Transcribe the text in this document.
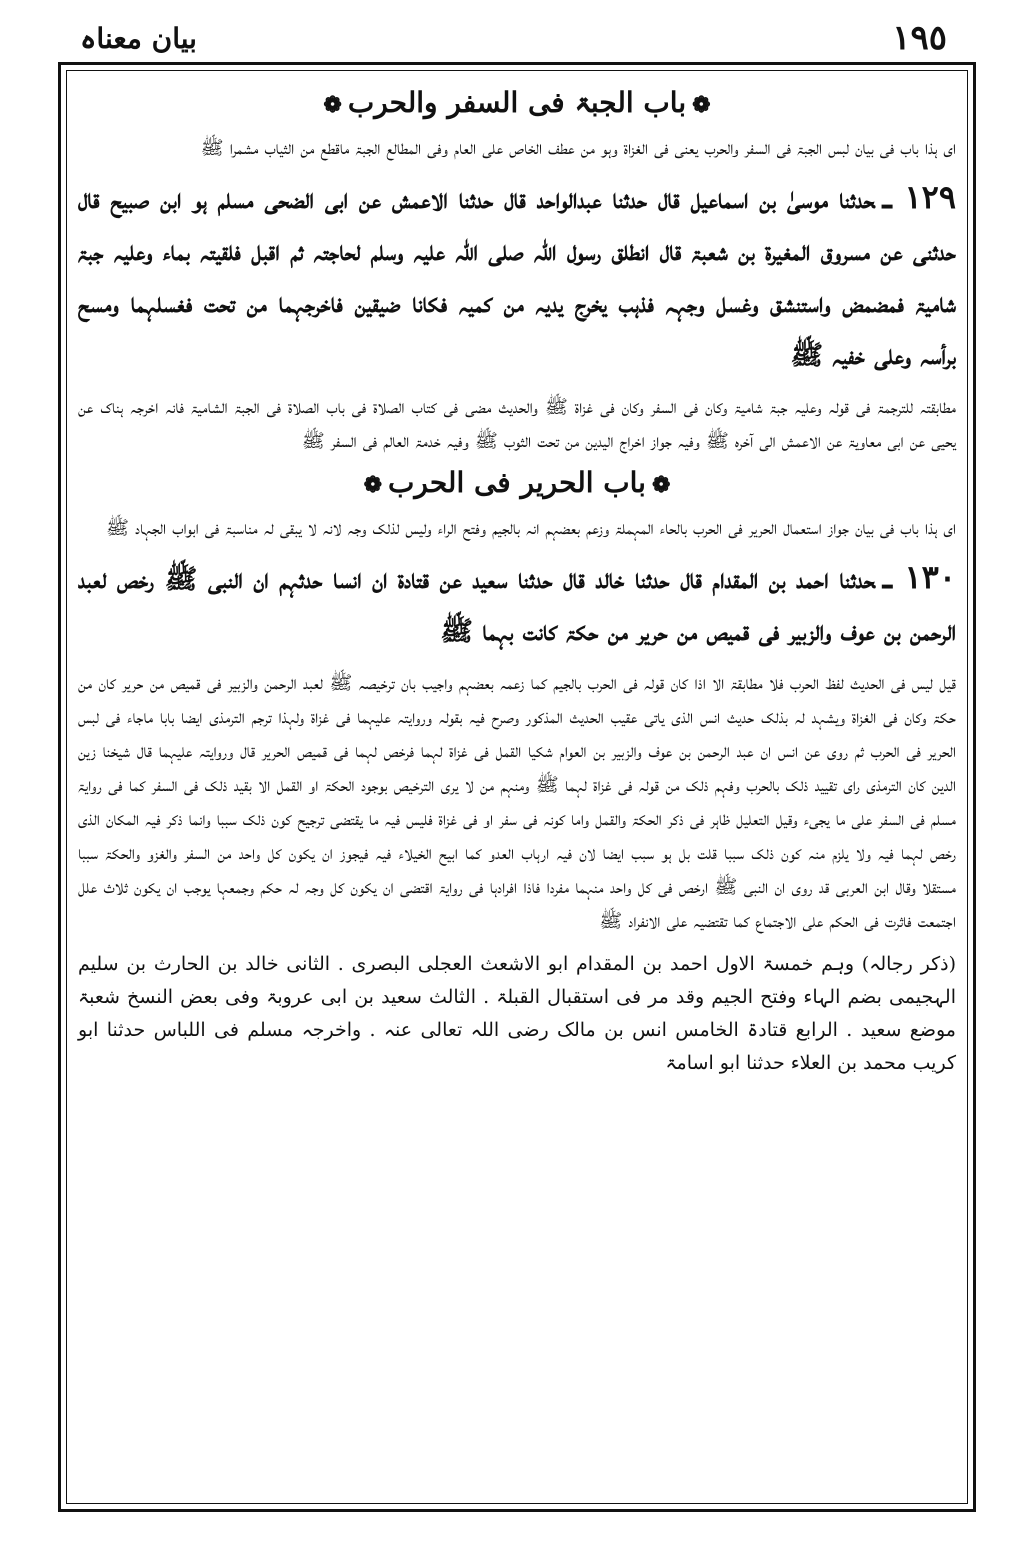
بیان معناہ	١٩٥
❁باب الجبۃ فی السفر والحرب❁

ای ہذا باب فی بیان لبس الجبۃ فی السفر والحرب یعنی فی الغزاۃ وہو من عطف الخاص علی العام وفی المطالع الجبۃ ماقطع من الثیاب مشمرا ﷺ

١٢٩ ـحدثنا موسیٰ بن اسماعیل قال حدثنا عبدالواحد قال حدثنا الاعمش عن ابی الضحی مسلم ہو ابن صبیح قال حدثنی عن مسروق المغیرۃ بن شعبۃ قال انطلق رسول اللہ صلی اللہ علیہ وسلم لحاجتہ ثم اقبل فلقیتہ بماء وعلیہ جبۃ شامیۃ فمضمض واستنشق وغسل وجہہ فذہب یخرج یدیہ من کمیہ فکانا ضیقین فاخرجہما من تحت فغسلہما ومسح برأسہ وعلی خفیہ ﷺ

مطابقتہ للترجمۃ فی قولہ وعلیہ جبۃ شامیۃ وکان فی السفر وکان فی غزاۃ ﷺ والحدیث مضی فی کتاب الصلاۃ فی باب الصلاۃ فی الجبۃ الشامیۃ فانہ اخرجہ ہناک عن یحیی عن ابی معاویۃ عن الاعمش الی آخرہ ﷺ وفیہ جواز اخراج الیدین من تحت الثوب ﷺ وفیہ خدمۃ العالم فی السفر ﷺ

❁باب الحریر فی الحرب❁

ای ہذا باب فی بیان جواز استعمال الحریر فی الحرب بالحاء المہملۃ وزعم بعضہم انہ بالجیم وفتح الراء ولیس لذلک وجہ لانہ لا یبقی لہ مناسبۃ فی ابواب الجہاد ﷺ

١٣٠ ـحدثنا احمد بن المقدام قال حدثنا خالد قال حدثنا سعید عن قتادۃ ان انسا حدثہم ان النبی ﷺ رخص لعبد الرحمن بن عوف والزبیر فی قمیص من حریر من حکۃ کانت بہما ﷺ

قیل لیس فی الحدیث لفظ الحرب فلا مطابقۃ الا اذا کان قولہ فی الحرب بالجیم کما زعمہ بعضہم واجیب بان ترخیصہ ﷺ لعبد الرحمن والزبیر فی قمیص من حریر کان من حکۃ وکان فی الغزاۃ ویشہد لہ بذلک حدیث انس الذی یاتی عقیب الحدیث المذکور وصرح فیہ بقولہ وروایتہ علیہما فی غزاۃ ولہذا ترجم الترمذی ایضا بابا ماجاء فی لبس الحریر فی الحرب ثم روی عن انس ان عبد الرحمن بن عوف والزبیر بن العوام شکیا القمل فی غزاۃ لہما فرخص لہما فی قمیص الحریر قال وروایتہ علیہما قال شیخنا زین الدین کان الترمذی رای تقیید ذلک بالحرب وفہم ذلک من قولہ فی غزاۃ لہما ﷺ ومنہم من لا یری الترخیص بوجود الحکۃ او القمل الا بقید ذلک فی السفر کما فی روایۃ مسلم فی السفر علی ما یجیء وقیل التعلیل ظاہر فی ذکر الحکۃ والقمل واما کونہ فی سفر او فی غزاۃ فلیس فیہ ما یقتضی ترجیح کون ذلک سببا وانما ذکر فیہ المکان الذی رخص لہما فیہ ولا یلزم منہ کون ذلک سببا قلت بل ہو سبب ایضا لان فیہ ارہاب العدو کما ابیح الخیلاء فیہ فیجوز ان یکون کل واحد من السفر والغزو والحکۃ سببا مستقلا وقال ابن العربی قد روی ان النبی ﷺ ارخص فی کل واحد منہما مفردا فاذا افرادہا فی روایۃ اقتضی ان یکون کل وجہ لہ حکم وجمعہا یوجب ان یکون ثلاث علل اجتمعت فاثرت فی الحکم علی الاجتماع کما تقتضیہ علی الانفراد ﷺ

(ذکر رجالہ) وہم خمسۃ الاول احمد بن المقدام ابو الاشعث العجلی البصری . الثانی خالد بن الحارث بن سلیم الہجیمی بضم الہاء وفتح الجیم وقد مر فی استقبال القبلۃ . الثالث سعید بن ابی عروبۃ وفی بعض النسخ شعبۃ موضع سعید . الرابع قتادۃ الخامس انس بن مالک رضی اللہ تعالی عنہ . واخرجہ مسلم فی اللباس حدثنا ابو کریب محمد بن العلاء حدثنا ابو اسامۃ
